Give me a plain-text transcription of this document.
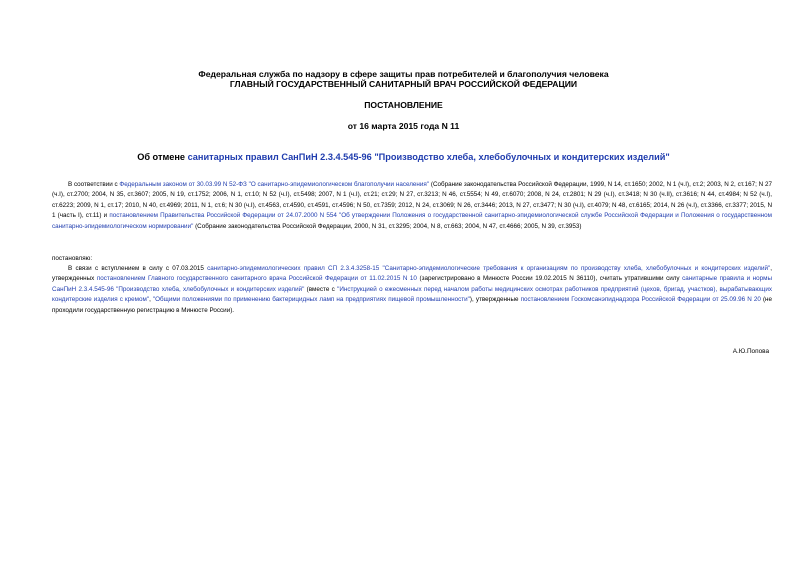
Федеральная служба по надзору в сфере защиты прав потребителей и благополучия человека
ГЛАВНЫЙ ГОСУДАРСТВЕННЫЙ САНИТАРНЫЙ ВРАЧ РОССИЙСКОЙ ФЕДЕРАЦИИ
ПОСТАНОВЛЕНИЕ
от 16 марта 2015 года N 11
Об отмене санитарных правил СанПиН 2.3.4.545-96 "Производство хлеба, хлебобулочных и кондитерских изделий"
В соответствии с Федеральным законом от 30.03.99 N 52-ФЗ "О санитарно-эпидемиологическом благополучии населения" (Собрание законодательства Российской Федерации, 1999, N 14, ст.1650; 2002, N 1 (ч.I), ст.2; 2003, N 2, ст.167; N 27 (ч.I), ст.2700; 2004, N 35, ст.3607; 2005, N 19, ст.1752; 2006, N 1, ст.10; N 52 (ч.I), ст.5498; 2007, N 1 (ч.I), ст.21; ст.29; N 27, ст.3213; N 46, ст.5554; N 49, ст.6070; 2008, N 24, ст.2801; N 29 (ч.I), ст.3418; N 30 (ч.II), ст.3616; N 44, ст.4984; N 52 (ч.I), ст.6223; 2009, N 1, ст.17; 2010, N 40, ст.4969; 2011, N 1, ст.6; N 30 (ч.I), ст.4563, ст.4590, ст.4591, ст.4596; N 50, ст.7359; 2012, N 24, ст.3069; N 26, ст.3446; 2013, N 27, ст.3477; N 30 (ч.I), ст.4079; N 48, ст.6165; 2014, N 26 (ч.I), ст.3366, ст.3377; 2015, N 1 (часть I), ст.11) и постановлением Правительства Российской Федерации от 24.07.2000 N 554 "Об утверждении Положения о государственной санитарно-эпидемиологической службе Российской Федерации и Положения о государственном санитарно-эпидемиологическом нормировании" (Собрание законодательства Российской Федерации, 2000, N 31, ст.3295; 2004, N 8, ст.663; 2004, N 47, ст.4666; 2005, N 39, ст.3953)
постановляю:
В связи с вступлением в силу с 07.03.2015 санитарно-эпидемиологических правил СП 2.3.4.3258-15 "Санитарно-эпидемиологические требования к организациям по производству хлеба, хлебобулочных и кондитерских изделий", утвержденных постановлением Главного государственного санитарного врача Российской Федерации от 11.02.2015 N 10 (зарегистрировано в Минюсте России 19.02.2015 N 36110), считать утратившими силу санитарные правила и нормы СанПиН 2.3.4.545-96 "Производство хлеба, хлебобулочных и кондитерских изделий" (вместе с "Инструкцией о ежесменных перед началом работы медицинских осмотрах работников предприятий (цехов, бригад, участков), вырабатывающих кондитерские изделия с кремом", "Общими положениями по применению бактерицидных ламп на предприятиях пищевой промышленности"), утвержденные постановлением Госкомсанэпиднадзора Российской Федерации от 25.09.96 N 20 (не проходили государственную регистрацию в Минюсте России).
А.Ю.Попова
